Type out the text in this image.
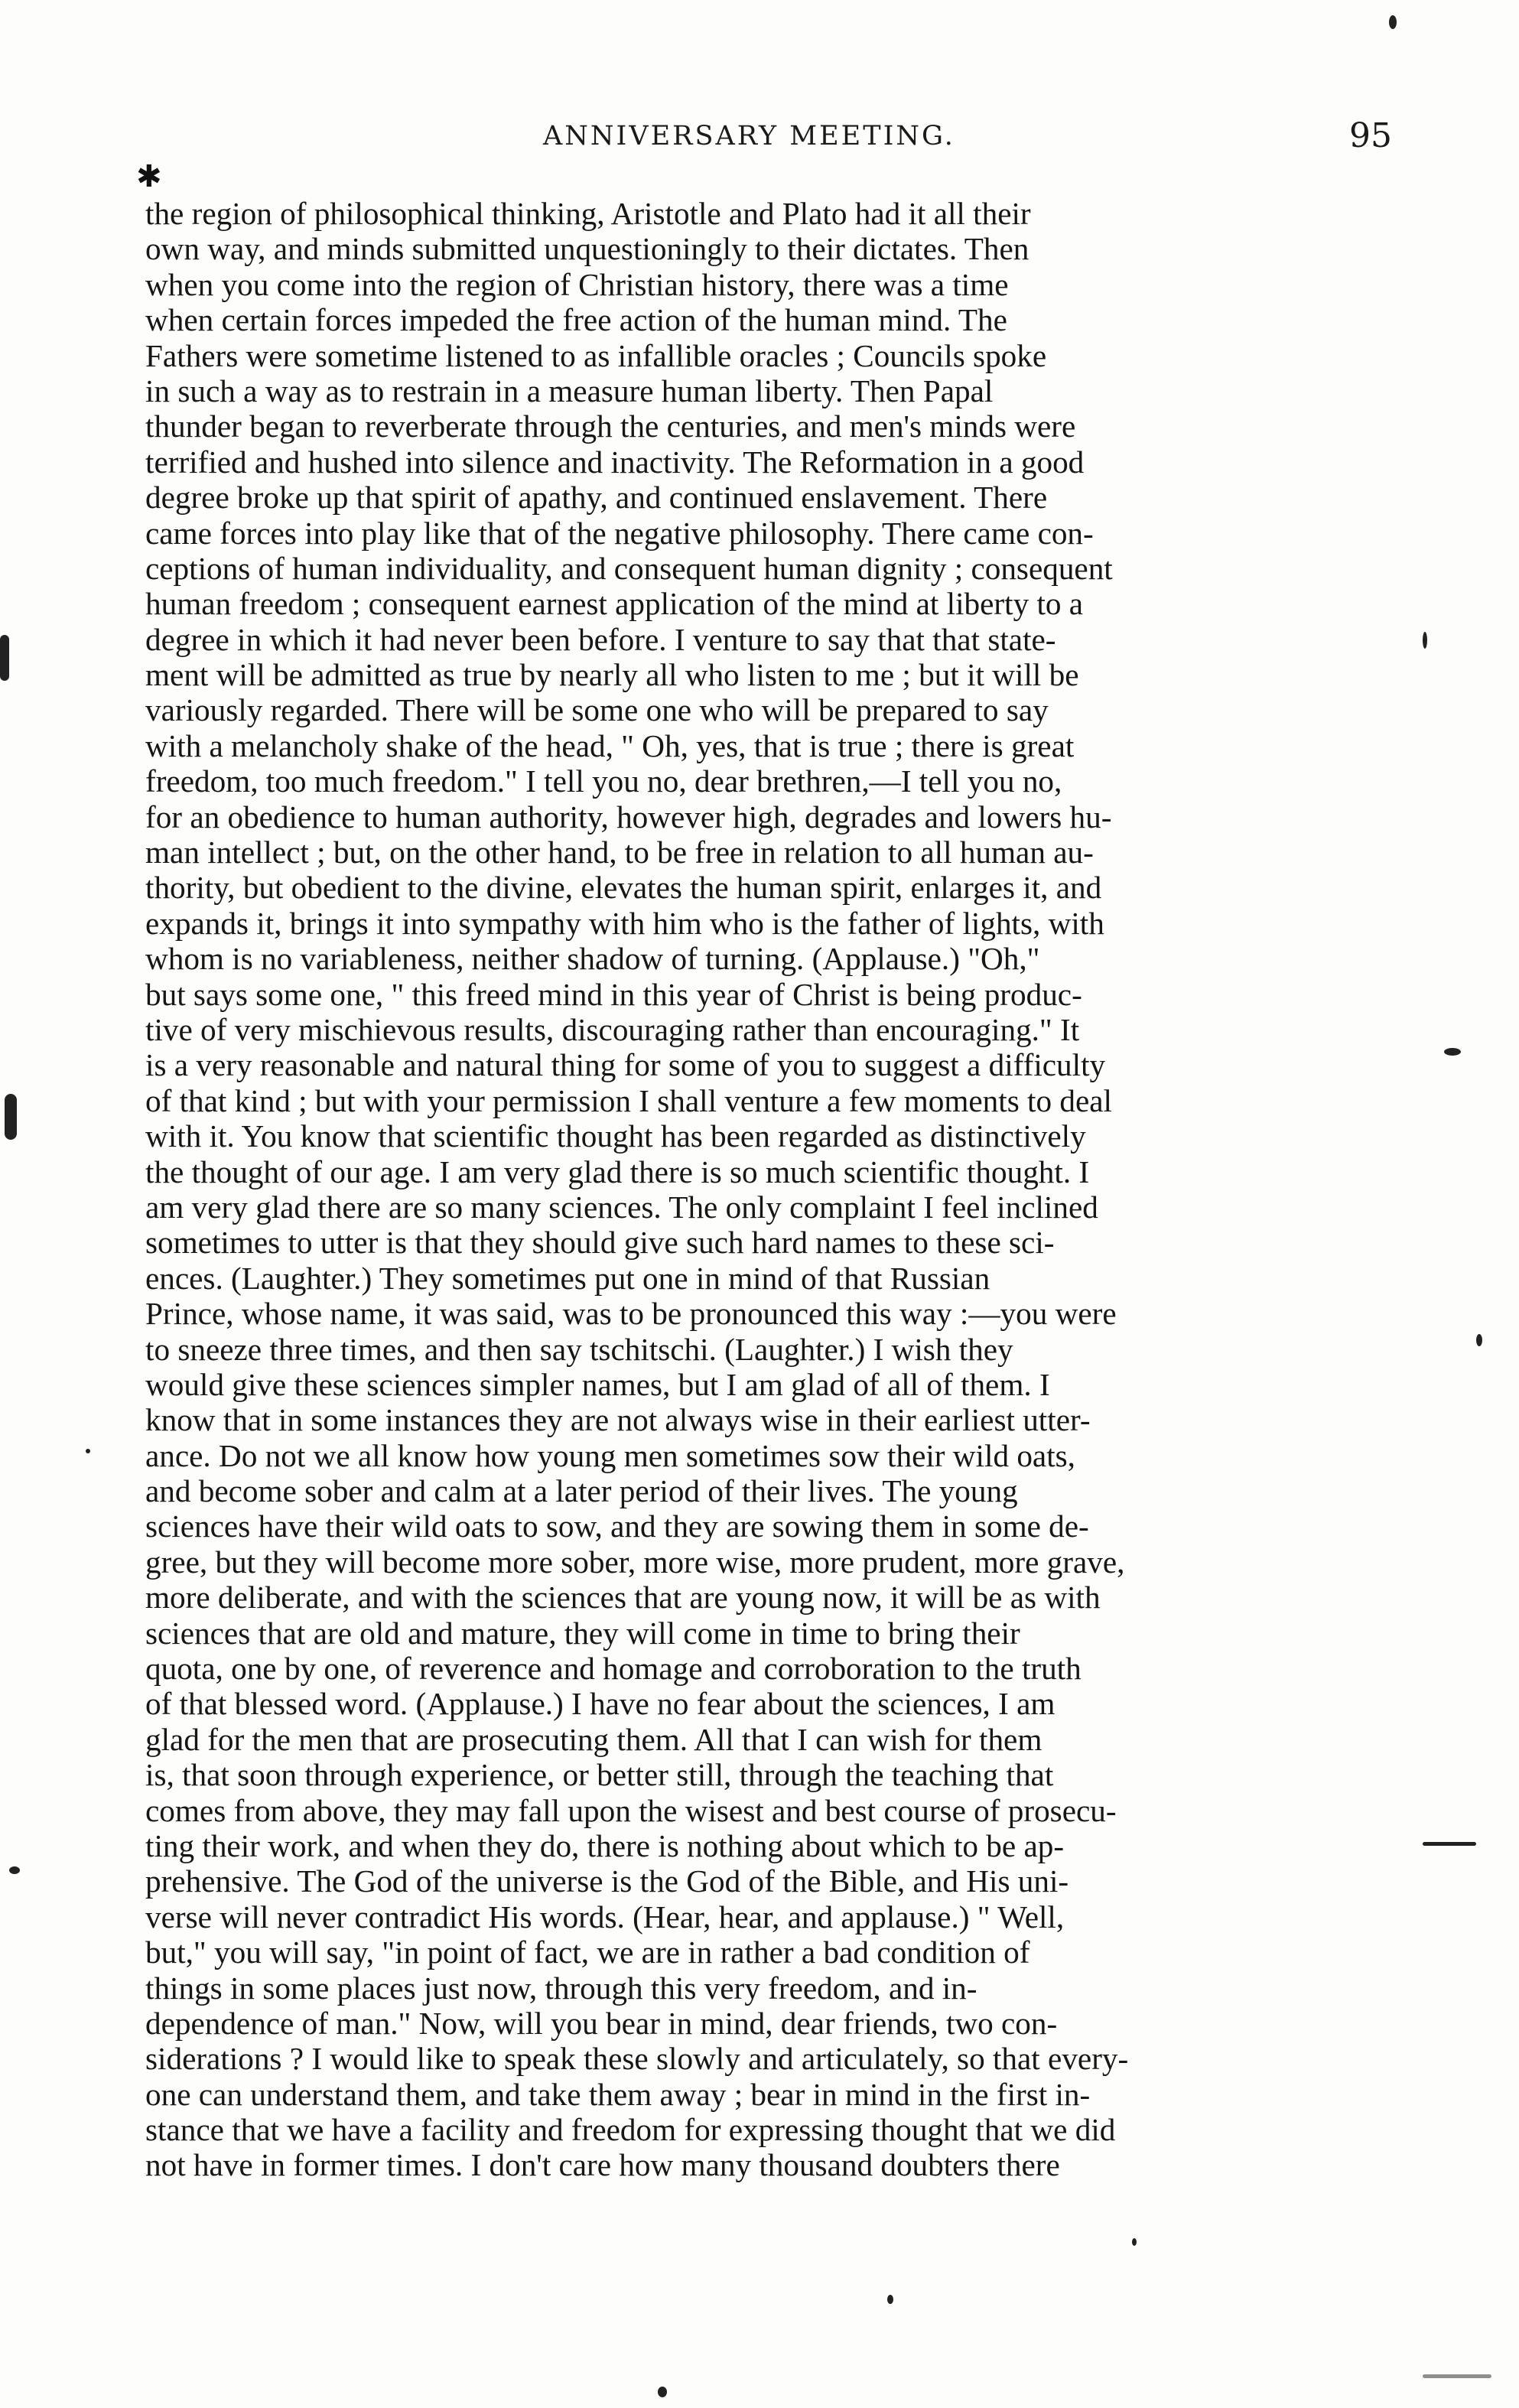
ANNIVERSARY MEETING.	95
the region of philosophical thinking, Aristotle and Plato had it all their
own way, and minds submitted unquestioningly to their dictates. Then
when you come into the region of Christian history, there was a time
when certain forces impeded the free action of the human mind. The
Fathers were sometime listened to as infallible oracles ; Councils spoke
in such a way as to restrain in a measure human liberty. Then Papal
thunder began to reverberate through the centuries, and men's minds were
terrified and hushed into silence and inactivity. The Reformation in a good
degree broke up that spirit of apathy, and continued enslavement. There
came forces into play like that of the negative philosophy. There came con-
ceptions of human individuality, and consequent human dignity ; consequent
human freedom ; consequent earnest application of the mind at liberty to a
degree in which it had never been before. I venture to say that that state-
ment will be admitted as true by nearly all who listen to me ; but it will be
variously regarded. There will be some one who will be prepared to say
with a melancholy shake of the head, " Oh, yes, that is true ; there is great
freedom, too much freedom." I tell you no, dear brethren,—I tell you no,
for an obedience to human authority, however high, degrades and lowers hu-
man intellect ; but, on the other hand, to be free in relation to all human au-
thority, but obedient to the divine, elevates the human spirit, enlarges it, and
expands it, brings it into sympathy with him who is the father of lights, with
whom is no variableness, neither shadow of turning. (Applause.) "Oh,"
but says some one, " this freed mind in this year of Christ is being produc-
tive of very mischievous results, discouraging rather than encouraging." It
is a very reasonable and natural thing for some of you to suggest a difficulty
of that kind ; but with your permission I shall venture a few moments to deal
with it. You know that scientific thought has been regarded as distinctively
the thought of our age. I am very glad there is so much scientific thought. I
am very glad there are so many sciences. The only complaint I feel inclined
sometimes to utter is that they should give such hard names to these sci-
ences. (Laughter.) They sometimes put one in mind of that Russian
Prince, whose name, it was said, was to be pronounced this way :—you were
to sneeze three times, and then say tschitschi. (Laughter.) I wish they
would give these sciences simpler names, but I am glad of all of them. I
know that in some instances they are not always wise in their earliest utter-
ance. Do not we all know how young men sometimes sow their wild oats,
and become sober and calm at a later period of their lives. The young
sciences have their wild oats to sow, and they are sowing them in some de-
gree, but they will become more sober, more wise, more prudent, more grave,
more deliberate, and with the sciences that are young now, it will be as with
sciences that are old and mature, they will come in time to bring their
quota, one by one, of reverence and homage and corroboration to the truth
of that blessed word. (Applause.) I have no fear about the sciences, I am
glad for the men that are prosecuting them. All that I can wish for them
is, that soon through experience, or better still, through the teaching that
comes from above, they may fall upon the wisest and best course of prosecu-
ting their work, and when they do, there is nothing about which to be ap-
prehensive. The God of the universe is the God of the Bible, and His uni-
verse will never contradict His words. (Hear, hear, and applause.) " Well,
but," you will say, "in point of fact, we are in rather a bad condition of
things in some places just now, through this very freedom, and in-
dependence of man." Now, will you bear in mind, dear friends, two con-
siderations ? I would like to speak these slowly and articulately, so that every-
one can understand them, and take them away ; bear in mind in the first in-
stance that we have a facility and freedom for expressing thought that we did
not have in former times. I don't care how many thousand doubters there
✱
